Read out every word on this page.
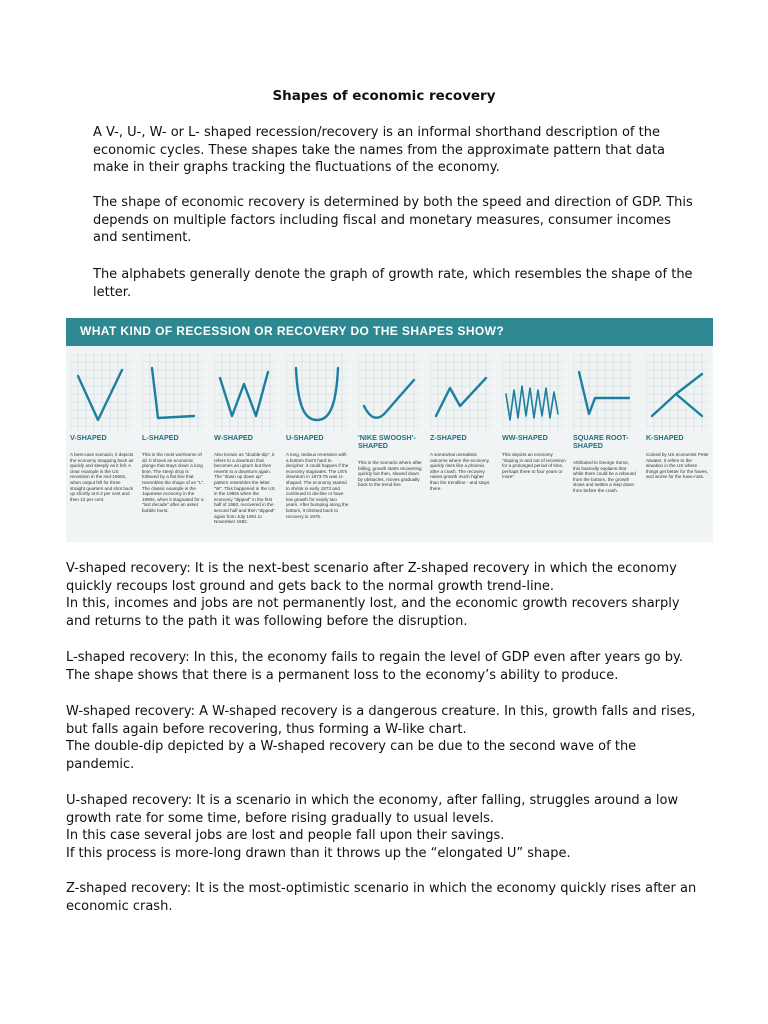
Shapes of economic recovery

A V-, U-, W- or L- shaped recession/recovery is an informal shorthand description of the economic cycles. These shapes take the names from the approximate pattern that data make in their graphs tracking the fluctuations of the economy.

The shape of economic recovery is determined by both the speed and direction of GDP. This depends on multiple factors including fiscal and monetary measures, consumer incomes and sentiment.

The alphabets generally denote the graph of growth rate, which resembles the shape of the letter.

WHAT KIND OF RECESSION OR RECOVERY DO THE SHAPES SHOW?
V-SHAPED
A best-case scenario, it depicts the economy snapping back as quickly and steeply as it fell. A clear example is the US recession in the mid-1950s, when output fell for three straight quarters and shot back up shortly at 8.3 per cent and then 12 per cent.
L-SHAPED
This is the most worrisome of all. It shows an economic plunge that stays down a long time. The steep drop is followed by a flat line that resembles the shape of an "L". The classic example is the Japanese economy in the 1990s, when it stagnated for a "lost decade" after an asset bubble burst.
W-SHAPED
Also known as "double-dip", it refers to a downturn that becomes an upturn but then reverts to a downturn again. The "down up down up" pattern resembles the letter "W". This happened in the US in the 1980s when the economy "dipped" in the first half of 1980, recovered in the second half and then "dipped" again from July 1981 to November 1982.
U-SHAPED
A long, tedious recession with a bottom that's hard to decipher, it could happen if the economy stagnates. The US's downturn in 1973-75 was U-shaped. The economy started to shrink in early 1973 and continued to decline or have low growth for nearly two years. After bumping along the bottom, it climbed back to recovery in 1975.
'NIKE SWOOSH'-SHAPED
This is the scenario where after falling, growth starts recovering quickly but then, slowed down by obstacles, moves gradually back to the trend line.
Z-SHAPED
A somewhat unrealistic outcome where the economy quickly rises like a phoenix after a crash. The recovery raises growth much higher than the trendline - and stays there.
WW-SHAPED
This depicts an economy "sloping in and out of recession for a prolonged period of time, perhaps three to four years or more".
SQUARE ROOT-SHAPED
Attributed to George Soros, this basically explains that while there could be a rebound from the bottom, the growth slows and settles a step down from before the crash.
K-SHAPED
Coined by US economist Peter Atwater, it refers to the situation in the US where things get better for the haves, and worse for the have-nots.

V-shaped recovery: It is the next-best scenario after Z-shaped recovery in which the economy quickly recoups lost ground and gets back to the normal growth trend-line.
In this, incomes and jobs are not permanently lost, and the economic growth recovers sharply and returns to the path it was following before the disruption.

L-shaped recovery: In this, the economy fails to regain the level of GDP even after years go by. The shape shows that there is a permanent loss to the economy’s ability to produce.

W-shaped recovery: A W-shaped recovery is a dangerous creature. In this, growth falls and rises, but falls again before recovering, thus forming a W-like chart.
The double-dip depicted by a W-shaped recovery can be due to the second wave of the pandemic.

U-shaped recovery: It is a scenario in which the economy, after falling, struggles around a low growth rate for some time, before rising gradually to usual levels.
In this case several jobs are lost and people fall upon their savings.
If this process is more-long drawn than it throws up the “elongated U” shape.

Z-shaped recovery: It is the most-optimistic scenario in which the economy quickly rises after an economic crash.
